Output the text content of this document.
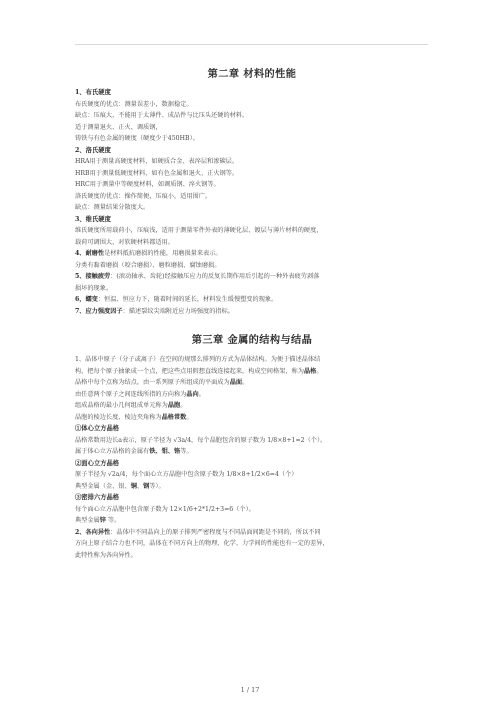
第二章 材料的性能
1、布氏硬度
布氏硬度的优点：测量误差小，数据稳定。
缺点：压痕大，不能用于太薄件、成品件与比压头还硬的材料。
适于测量退火、正火、调质钢，
铸铁与有色金属的硬度（硬度少于450HB）。
2、洛氏硬度
HRA用于测量高硬度材料，如硬质合金、表淬层和渗碳层。
HRB用于测量低硬度材料，如有色金属和退火、正火钢等。
HRC用于测量中等硬度材料，如调质钢、淬火钢等。
洛氏硬度的优点：操作简便，压痕小，适用围广。
缺点：测量结果分散度大。
3、维氏硬度
维氏硬度所用载荷小，压痕浅，适用于测量零件外表的薄硬化层、镀层与薄片材料的硬度，
载荷可调围大，对软硬材料都适用。
4、耐磨性是材料抵抗磨损的性能，用磨损量来表示。
分类有黏着磨损（咬合磨损）、磨粒磨损、腐蚀磨损。
5、接触疲劳：(滚动轴承、齿轮)经接触压应力的反复长期作用后引起的一种外表疲劳剥落
损坏的现象。
6，蠕变：恒温、恒应力下，随着时间的延长，材料发生缓慢塑变的现象。
7、应力强度因子：描述裂纹尖端附近应力场强度的指标。
第三章 金属的结构与结晶
1、晶体中原子（分子或离子）在空间的规那么排列的方式为晶体结构。为便于描述晶体结
构，把每个原子抽象成一个点，把这些点用假想直线连接起来，构成空间格架，称为晶格。
晶格中每个点称为结点，由一系列原子所组成的平面成为晶面。
由任意两个原子之间连线所指的方向称为晶向。
组成晶格的最小几何组成单元称为晶胞。
晶胞的棱边长度、棱边夹角称为晶格常数。
①体心立方晶格
晶格常数用边长a表示，原子半径为 √3a/4，每个晶胞包含的原子数为 1/8×8+1=2（个）。
属于体心立方晶格的金属有铁、钼、铬等。
②面心立方晶格
原子半径为 √2a/4，每个面心立方晶胞中包含原子数为 1/8×8+1/2×6=4（个）
典型金属（金、银、铜、钢等）。
③密排六方晶格
每个面心立方晶胞中包含原子数为 12×1/6+2*1/2+3=6（个）。
典型金属锌 等。
2、各向异性：晶体中不同晶向上的原子排列严密程度与不同晶面间距是不同的，所以不同
方向上原子结合力也不同，晶体在不同方向上的物理、化学、力学间的性能也有一定的差异，
此特性称为各向异性。
1 / 17
